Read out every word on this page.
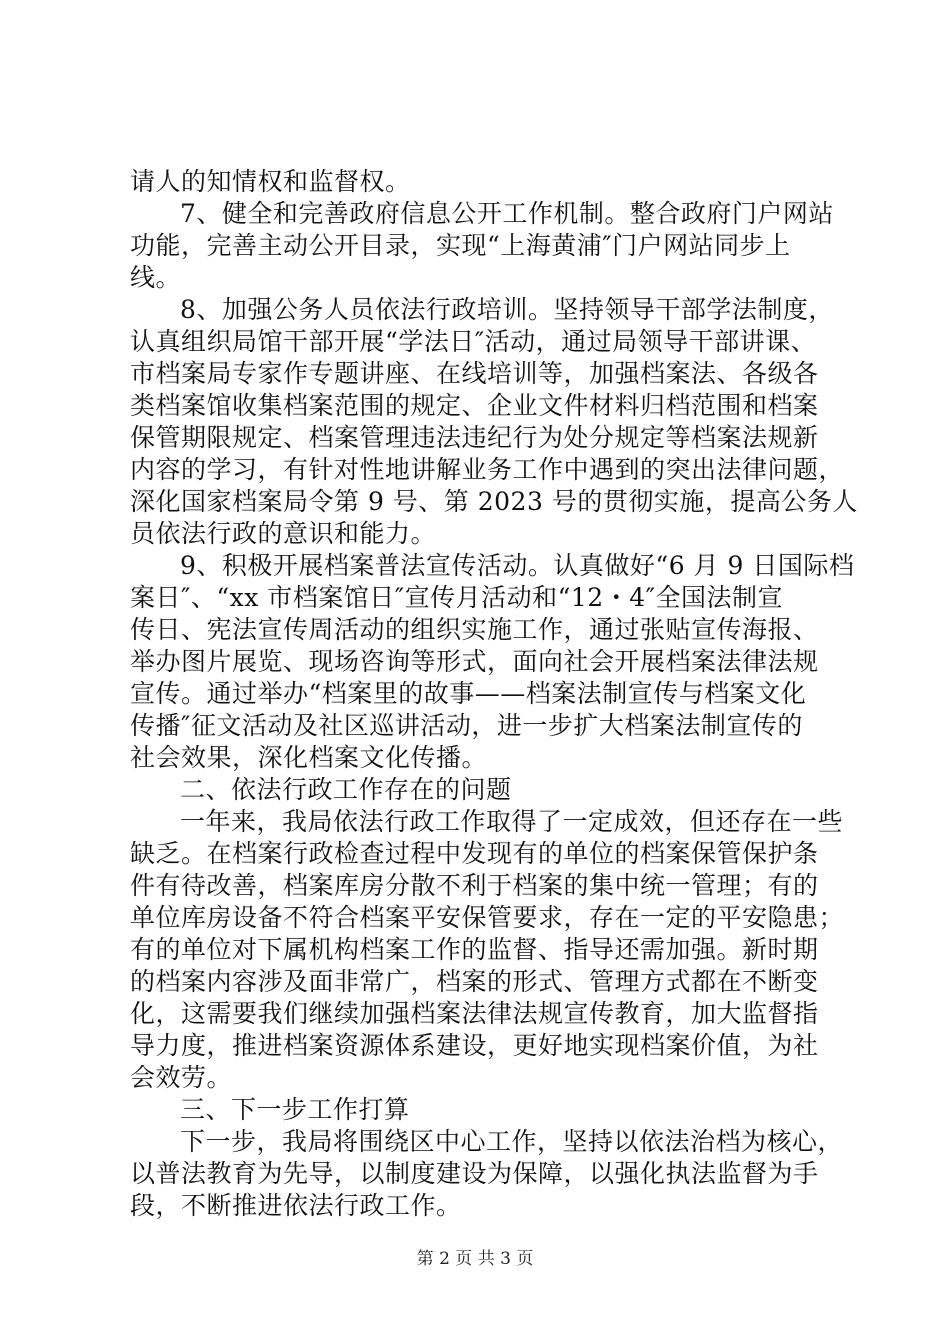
请人的知情权和监督权。
7、健全和完善政府信息公开工作机制。整合政府门户网站
功能，完善主动公开目录，实现“上海黄浦″门户网站同步上
线。
8、加强公务人员依法行政培训。坚持领导干部学法制度，
认真组织局馆干部开展“学法日″活动，通过局领导干部讲课、
市档案局专家作专题讲座、在线培训等，加强档案法、各级各
类档案馆收集档案范围的规定、企业文件材料归档范围和档案
保管期限规定、档案管理违法违纪行为处分规定等档案法规新
内容的学习，有针对性地讲解业务工作中遇到的突出法律问题，
深化国家档案局令第 9 号、第 2023 号的贯彻实施，提高公务人
员依法行政的意识和能力。
9、积极开展档案普法宣传活动。认真做好“6 月 9 日国际档
案日″、“xx 市档案馆日″宣传月活动和“12・4″全国法制宣
传日、宪法宣传周活动的组织实施工作，通过张贴宣传海报、
举办图片展览、现场咨询等形式，面向社会开展档案法律法规
宣传。通过举办“档案里的故事——档案法制宣传与档案文化
传播″征文活动及社区巡讲活动，进一步扩大档案法制宣传的
社会效果，深化档案文化传播。
二、依法行政工作存在的问题
一年来，我局依法行政工作取得了一定成效，但还存在一些
缺乏。在档案行政检查过程中发现有的单位的档案保管保护条
件有待改善，档案库房分散不利于档案的集中统一管理；有的
单位库房设备不符合档案平安保管要求，存在一定的平安隐患；
有的单位对下属机构档案工作的监督、指导还需加强。新时期
的档案内容涉及面非常广，档案的形式、管理方式都在不断变
化，这需要我们继续加强档案法律法规宣传教育，加大监督指
导力度，推进档案资源体系建设，更好地实现档案价值，为社
会效劳。
三、下一步工作打算
下一步，我局将围绕区中心工作，坚持以依法治档为核心，
以普法教育为先导，以制度建设为保障，以强化执法监督为手
段，不断推进依法行政工作。
第 2 页 共 3 页
